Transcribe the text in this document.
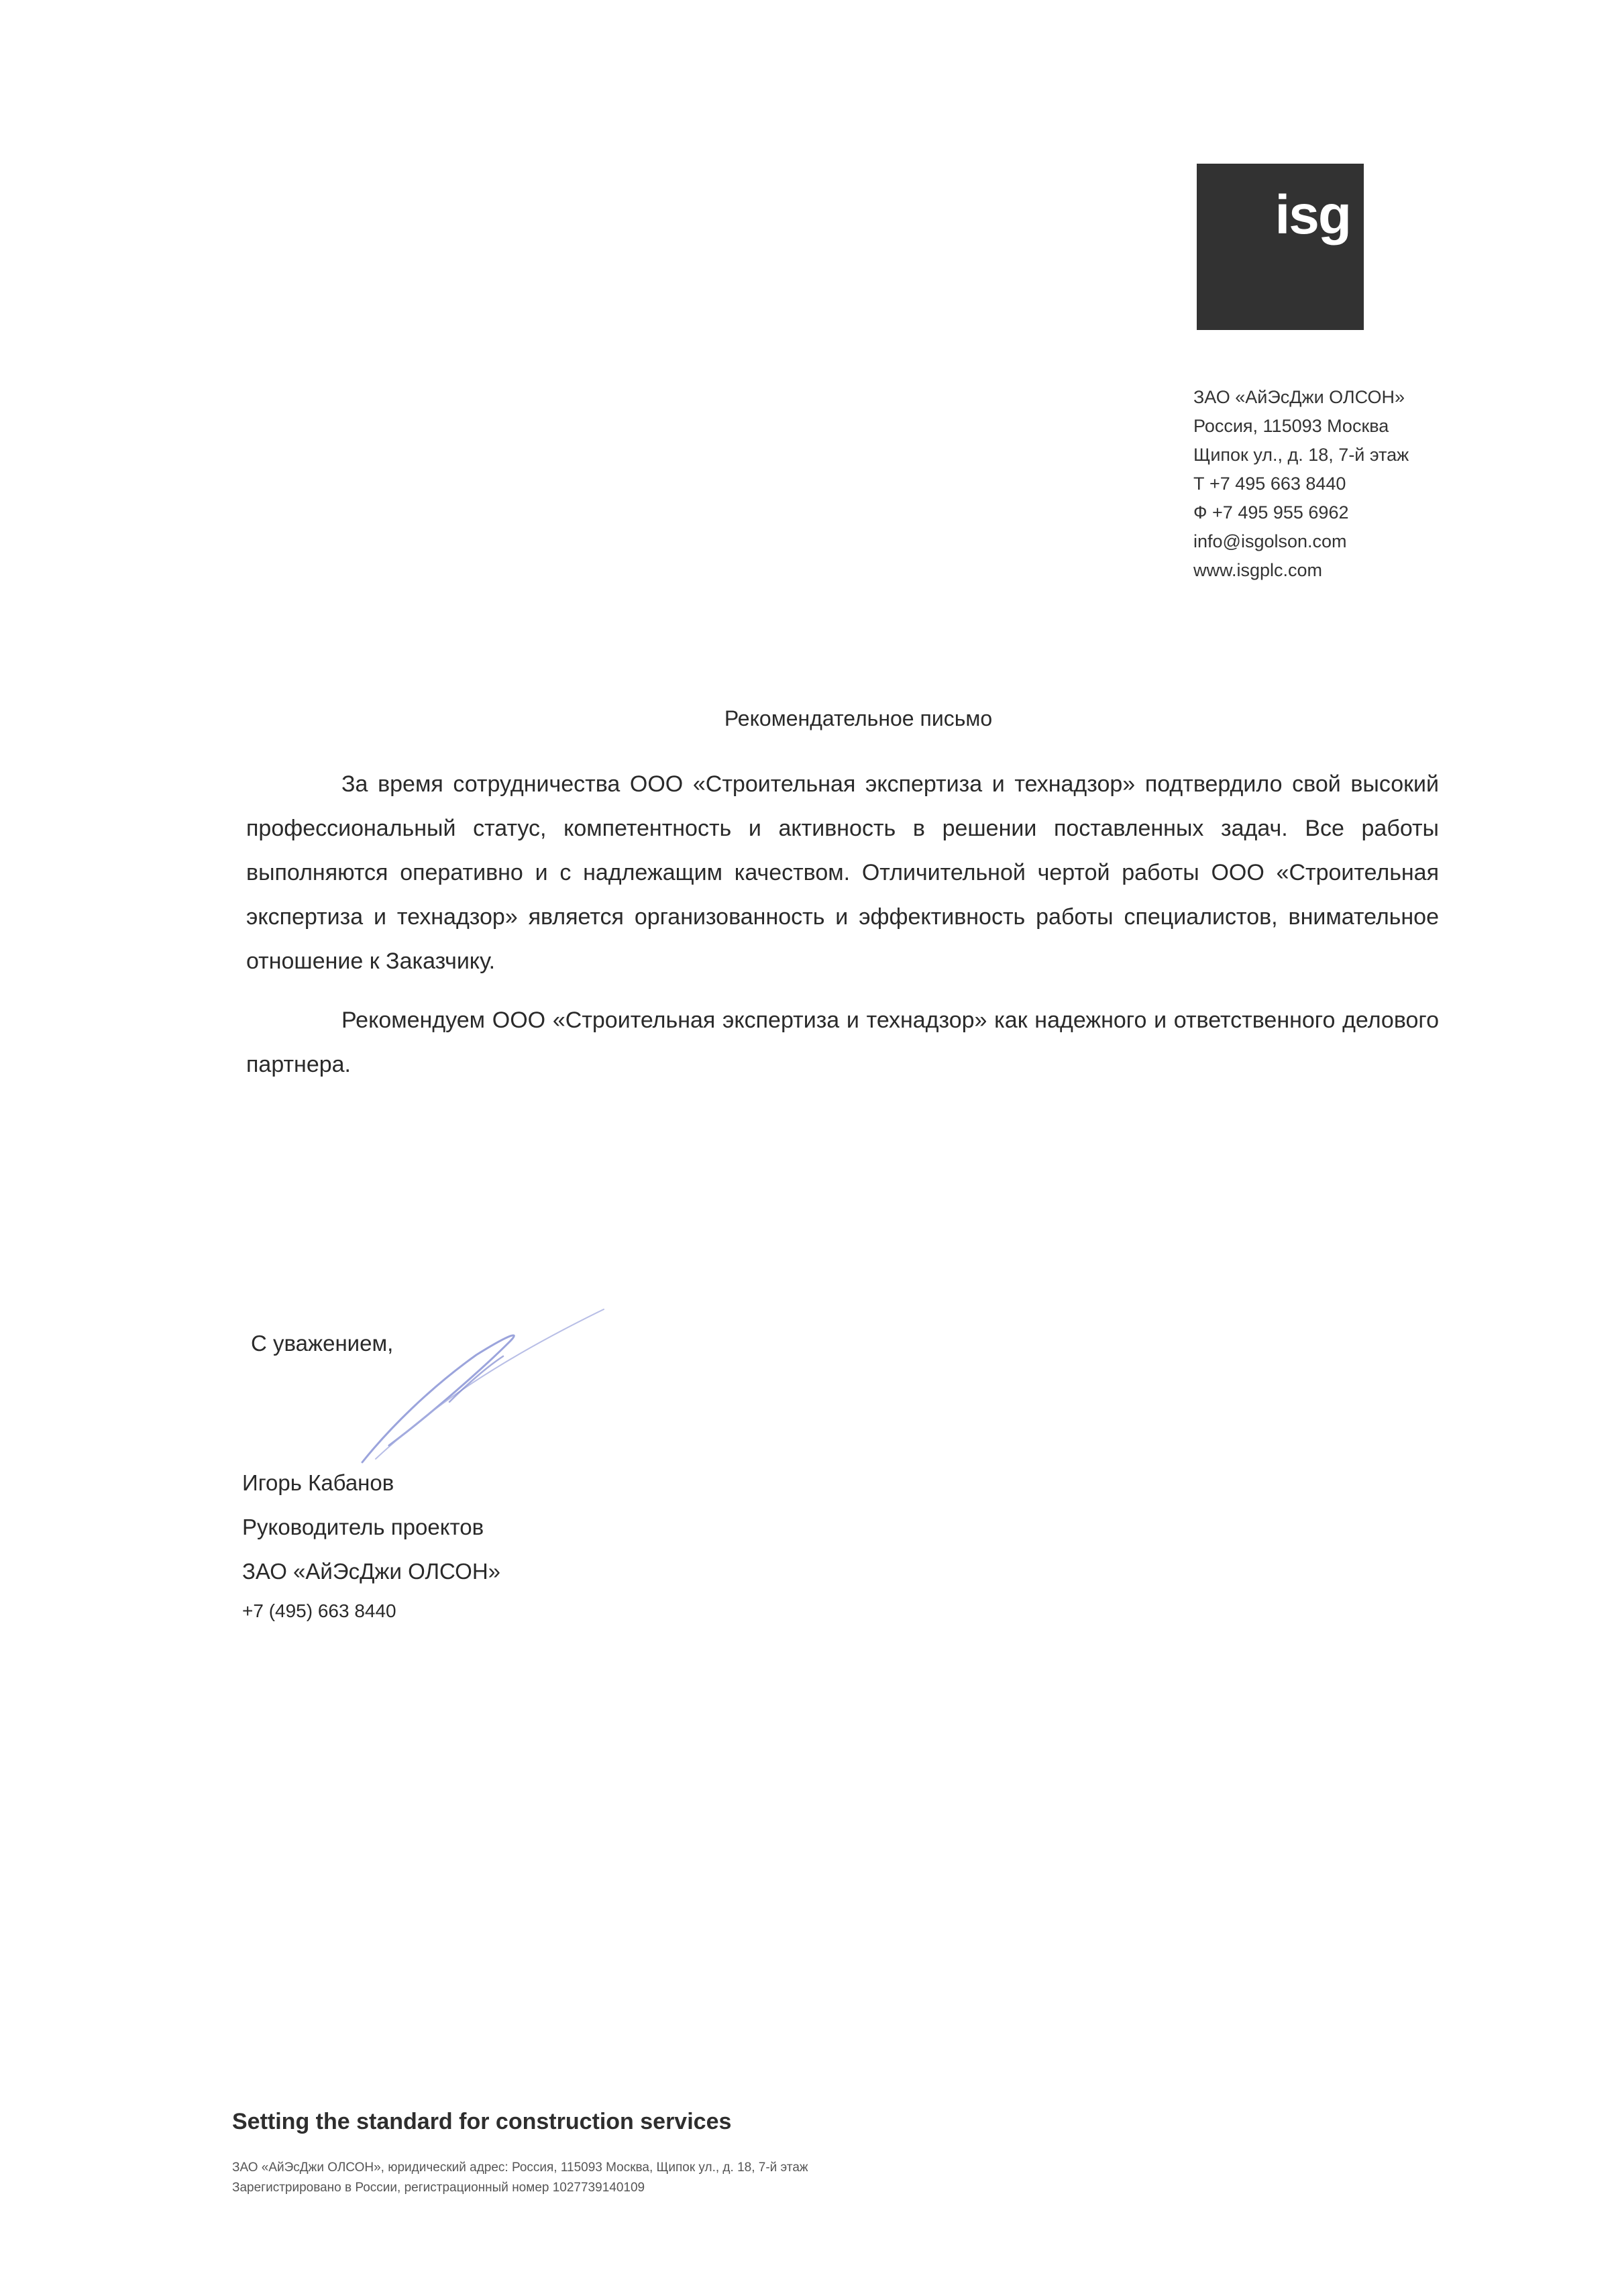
isg
ЗАО «АйЭсДжи ОЛСОН»
Россия, 115093 Москва
Щипок ул., д. 18, 7-й этаж
Т +7 495 663 8440
Ф +7 495 955 6962
info@isgolson.com
www.isgplc.com
Рекомендательное письмо

За время сотрудничества ООО «Строительная экспертиза и технадзор» подтвердило свой высокий профессиональный статус, компетентность и активность в решении поставленных задач. Все работы выполняются оперативно и с надлежащим качеством. Отличительной чертой работы ООО «Строительная экспертиза и технадзор» является организованность и эффективность работы специалистов, внимательное отношение к Заказчику.

Рекомендуем ООО «Строительная экспертиза и технадзор» как надежного и ответственного делового партнера.

С уважением,
Игорь Кабанов
Руководитель проектов
ЗАО «АйЭсДжи ОЛСОН»
+7 (495) 663 8440
Setting the standard for construction services
ЗАО «АйЭсДжи ОЛСОН», юридический адрес: Россия, 115093 Москва, Щипок ул., д. 18, 7-й этаж
Зарегистрировано в России, регистрационный номер 1027739140109
